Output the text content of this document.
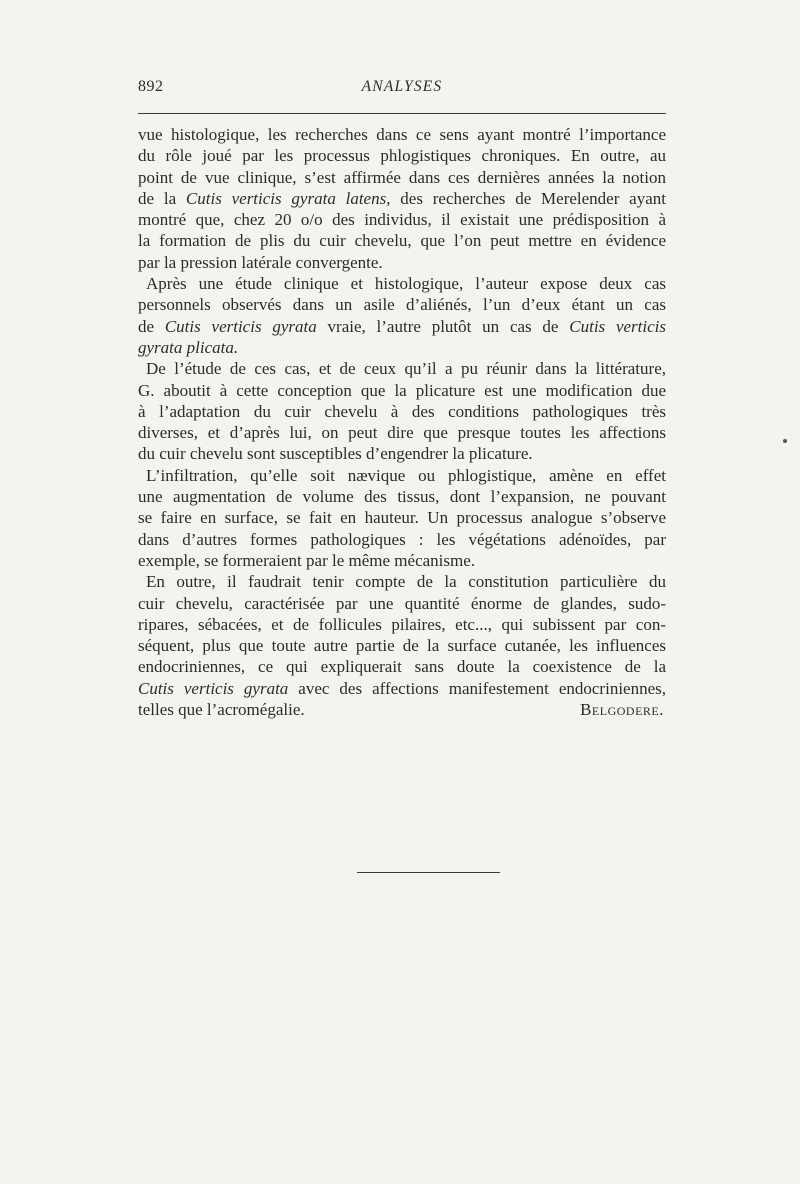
892	ANALYSES
vue histologique, les recherches dans ce sens ayant montré l’importance
du rôle joué par les processus phlogistiques chroniques. En outre, au
point de vue clinique, s’est affirmée dans ces dernières années la notion
de la Cutis verticis gyrata latens, des recherches de Merelender ayant
montré que, chez 20 o/o des individus, il existait une prédisposition à
la formation de plis du cuir chevelu, que l’on peut mettre en évidence
par la pression latérale convergente.
Après une étude clinique et histologique, l’auteur expose deux cas
personnels observés dans un asile d’aliénés, l’un d’eux étant un cas
de Cutis verticis gyrata vraie, l’autre plutôt un cas de Cutis verticis
gyrata plicata.
De l’étude de ces cas, et de ceux qu’il a pu réunir dans la littérature,
G. aboutit à cette conception que la plicature est une modification due
à l’adaptation du cuir chevelu à des conditions pathologiques très
diverses, et d’après lui, on peut dire que presque toutes les affections
du cuir chevelu sont susceptibles d’engendrer la plicature.
L’infiltration, qu’elle soit nævique ou phlogistique, amène en effet
une augmentation de volume des tissus, dont l’expansion, ne pouvant
se faire en surface, se fait en hauteur. Un processus analogue s’observe
dans d’autres formes pathologiques : les végétations adénoïdes, par
exemple, se formeraient par le même mécanisme.
En outre, il faudrait tenir compte de la constitution particulière du
cuir chevelu, caractérisée par une quantité énorme de glandes, sudo-
ripares, sébacées, et de follicules pilaires, etc..., qui subissent par con-
séquent, plus que toute autre partie de la surface cutanée, les influences
endocriniennes, ce qui expliquerait sans doute la coexistence de la
Cutis verticis gyrata avec des affections manifestement endocriniennes,
telles que l’acromégalie.	Belgodere.
